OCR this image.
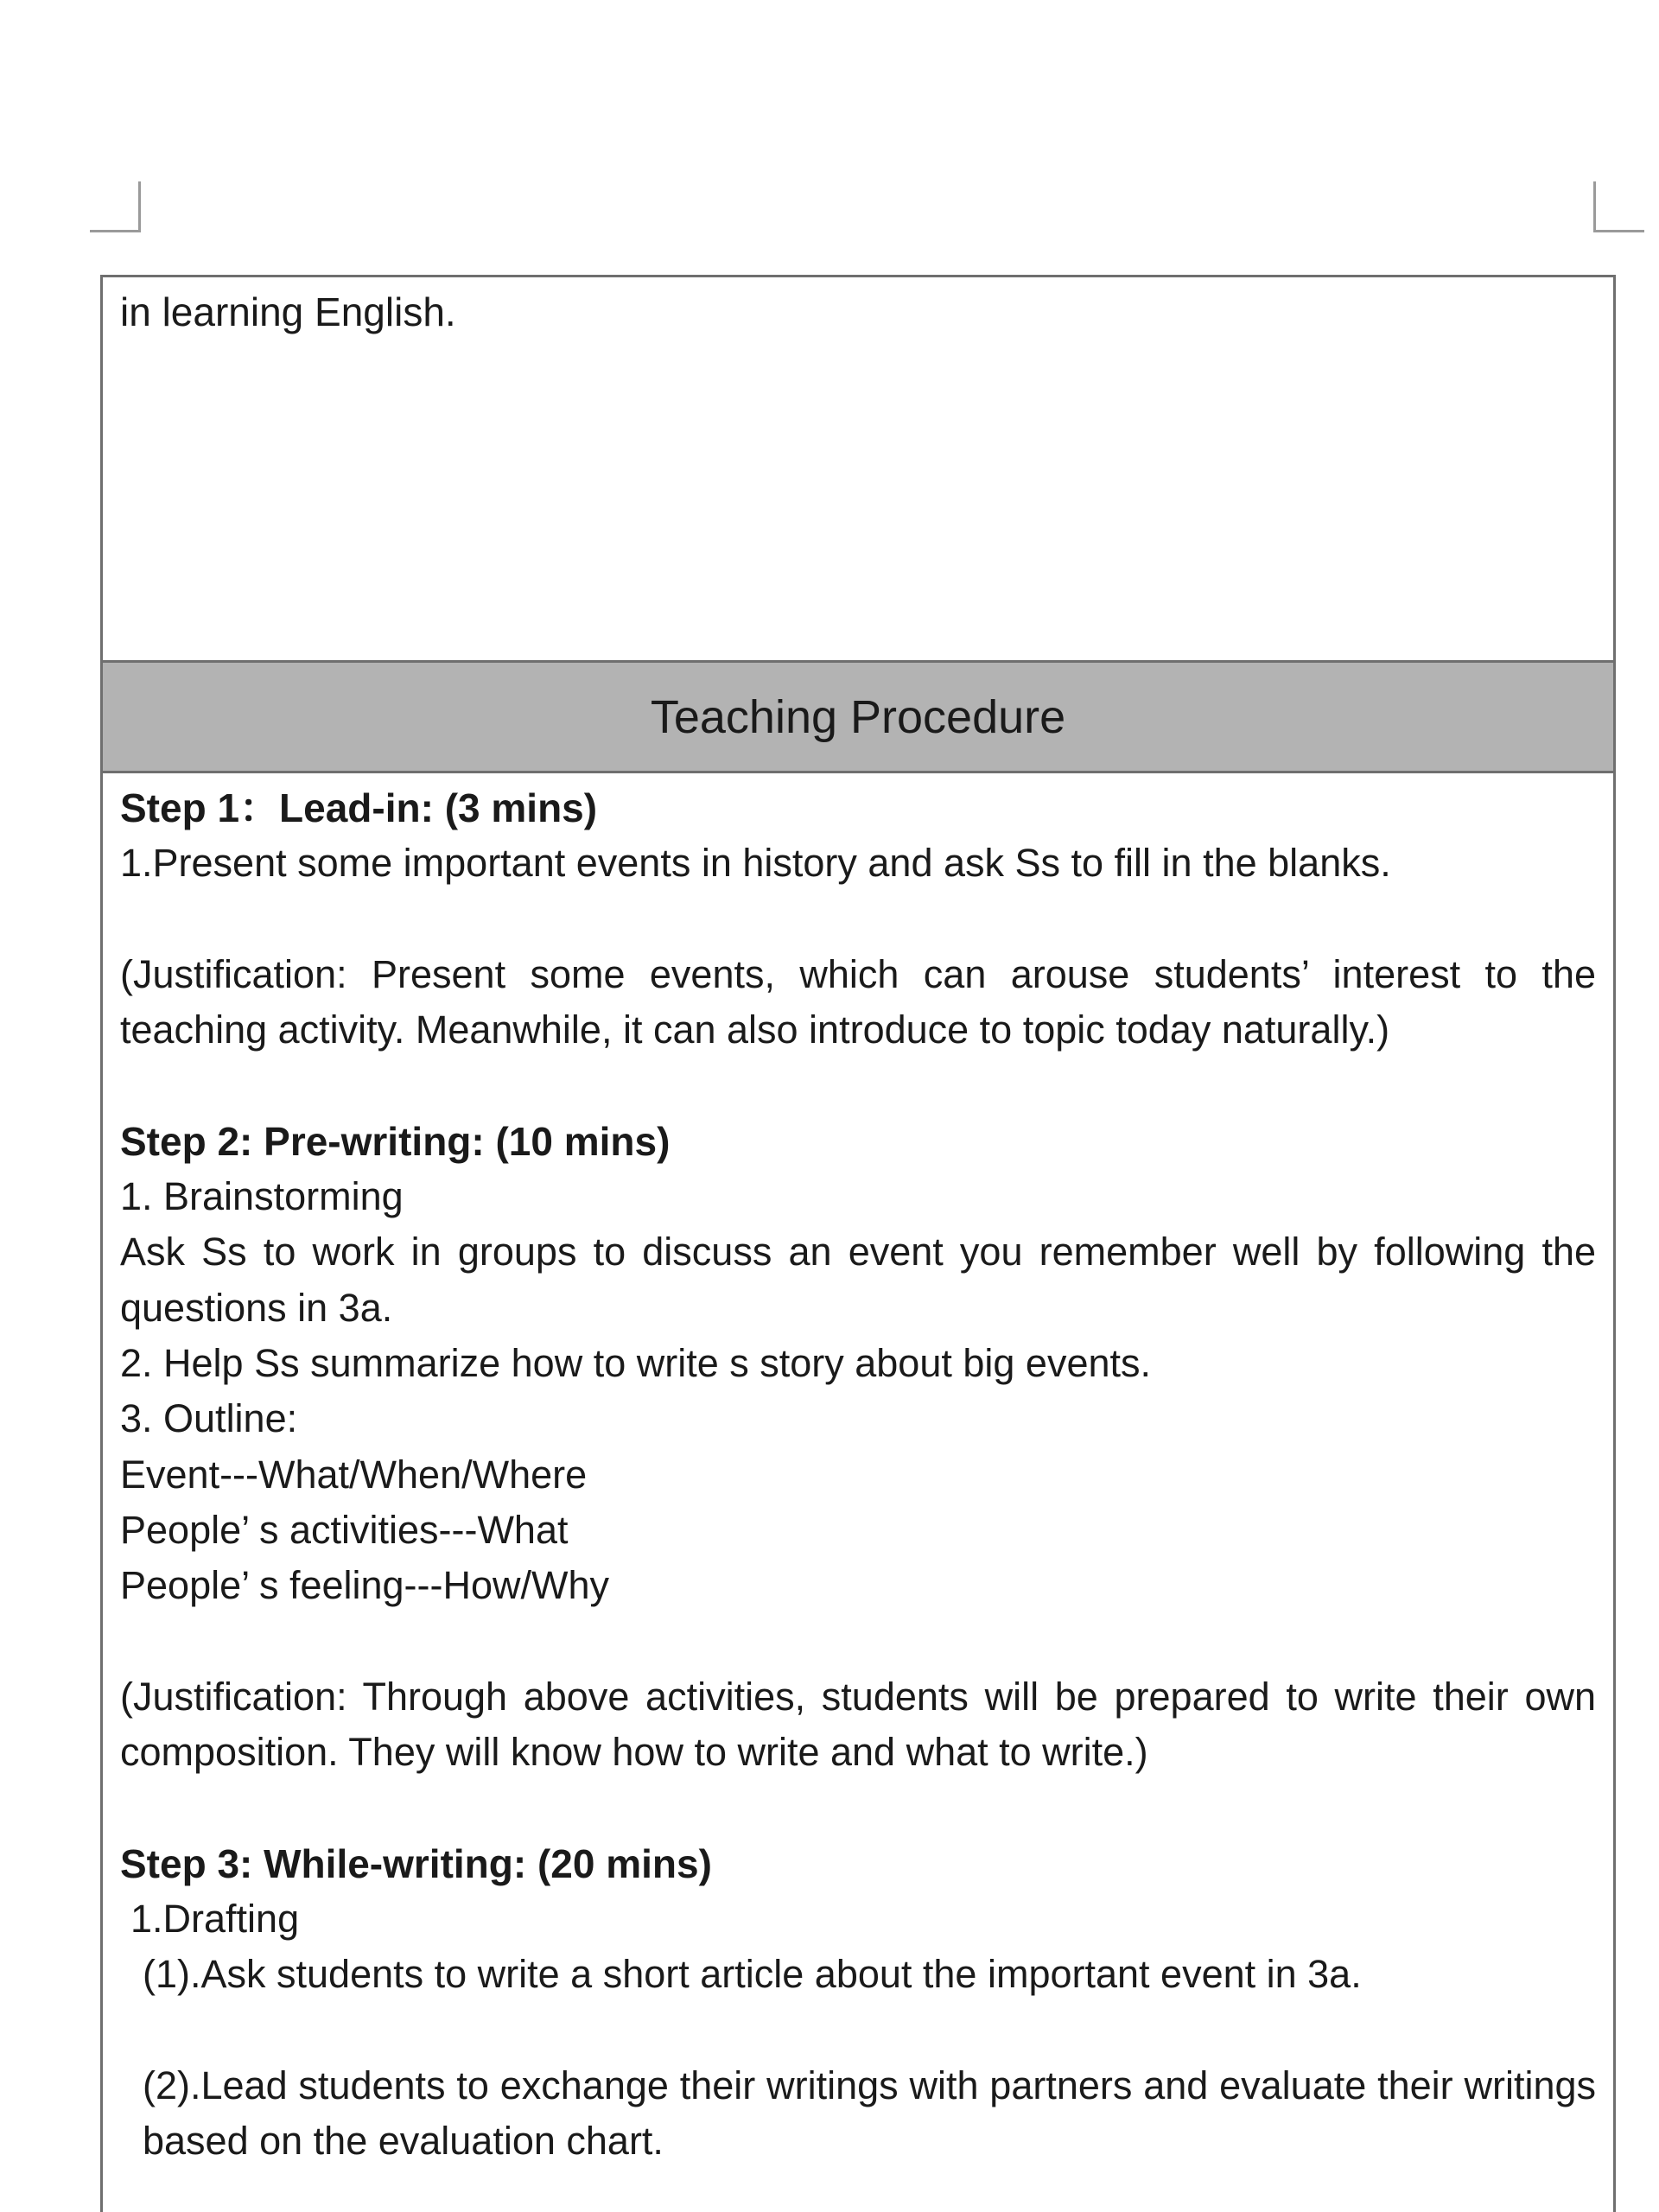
in learning English.

Teaching Procedure

Step 1：Lead-in: (3 mins)

1.Present some important events in history and ask Ss to fill in the blanks.

(Justification: Present some events, which can arouse students’ interest to the teaching activity. Meanwhile, it can also introduce to topic today naturally.)

Step 2: Pre-writing: (10 mins)

1. Brainstorming

Ask Ss to work in groups to discuss an event you remember well by following the questions in 3a.

2. Help Ss summarize how to write s story about big events.

3. Outline:

Event---What/When/Where

People’ s activities---What

People’ s feeling---How/Why

(Justification: Through above activities, students will be prepared to write their own composition. They will know how to write and what to write.)

Step 3: While-writing: (20 mins)

1.Drafting

(1).Ask students to write a short article about the important event in 3a.

(2).Lead students to exchange their writings with partners and evaluate their writings based on the evaluation chart.
